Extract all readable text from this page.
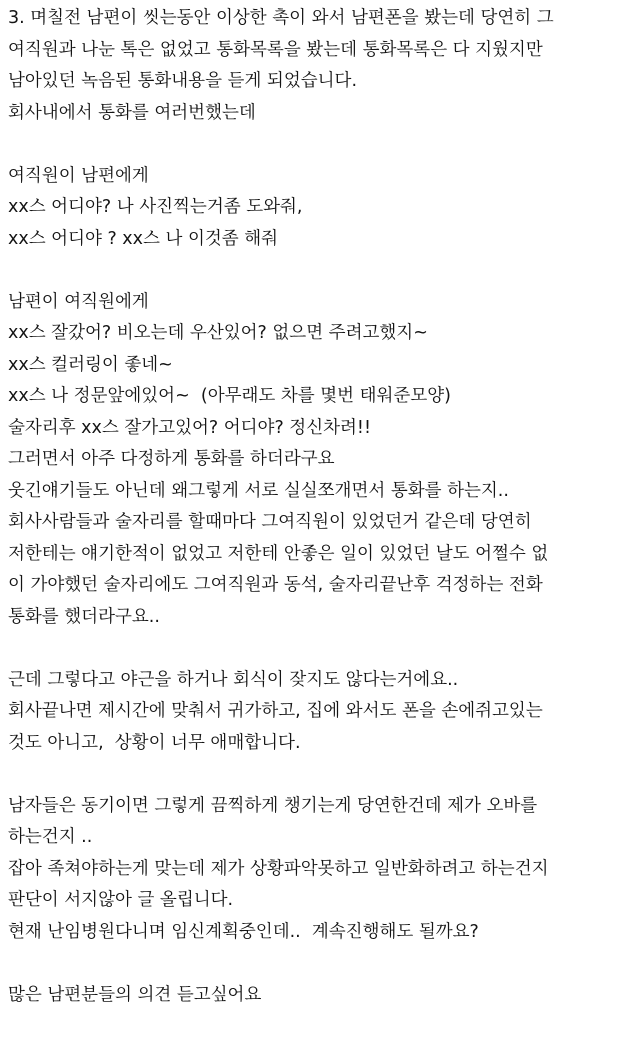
3. 며칠전 남편이 씻는동안 이상한 촉이 와서 남편폰을 봤는데 당연히 그
여직원과 나눈 톡은 없었고 통화목록을 봤는데 통화목록은 다 지웠지만
남아있던 녹음된 통화내용을 듣게 되었습니다.
회사내에서 통화를 여러번했는데
여직원이 남편에게
xx스 어디야? 나 사진찍는거좀 도와줘,
xx스 어디야 ? xx스 나 이것좀 해줘
남편이 여직원에게
xx스 잘갔어? 비오는데 우산있어? 없으면 주려고했지~
xx스 컬러링이 좋네~
xx스 나 정문앞에있어~  (아무래도 차를 몇번 태워준모양)
술자리후 xx스 잘가고있어? 어디야? 정신차려!!
그러면서 아주 다정하게 통화를 하더라구요
웃긴얘기들도 아닌데 왜그렇게 서로 실실쪼개면서 통화를 하는지..
회사사람들과 술자리를 할때마다 그여직원이 있었던거 같은데 당연히
저한테는 얘기한적이 없었고 저한테 안좋은 일이 있었던 날도 어쩔수 없
이 가야했던 술자리에도 그여직원과 동석, 술자리끝난후 걱정하는 전화
통화를 했더라구요..
근데 그렇다고 야근을 하거나 회식이 잦지도 않다는거에요..
회사끝나면 제시간에 맞춰서 귀가하고, 집에 와서도 폰을 손에쥐고있는
것도 아니고,  상황이 너무 애매합니다.
남자들은 동기이면 그렇게 끔찍하게 챙기는게 당연한건데 제가 오바를
하는건지 ..
잡아 족쳐야하는게 맞는데 제가 상황파악못하고 일반화하려고 하는건지
판단이 서지않아 글 올립니다.
현재 난임병원다니며 임신계획중인데..  계속진행해도 될까요?
많은 남편분들의 의견 듣고싶어요
